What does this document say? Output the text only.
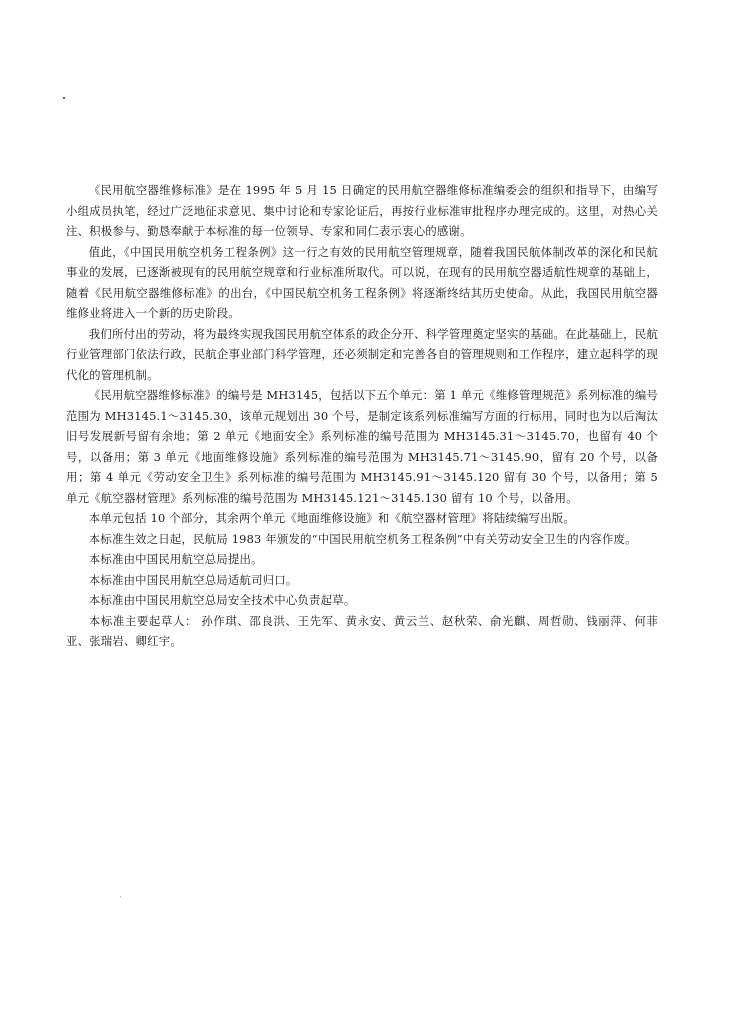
《民用航空器维修标准》是在 1995 年 5 月 15 日确定的民用航空器维修标准编委会的组织和指导下，由编写小组成员执笔，经过广泛地征求意见、集中讨论和专家论证后，再按行业标准审批程序办理完成的。这里，对热心关注、积极参与、勤恳奉献于本标准的每一位领导、专家和同仁表示衷心的感谢。

值此，《中国民用航空机务工程条例》这一行之有效的民用航空管理规章，随着我国民航体制改革的深化和民航事业的发展，已逐渐被现有的民用航空规章和行业标准所取代。可以说，在现有的民用航空器适航性规章的基础上，随着《民用航空器维修标准》的出台，《中国民航空机务工程条例》将逐渐终结其历史使命。从此，我国民用航空器维修业将进入一个新的历史阶段。

我们所付出的劳动，将为最终实现我国民用航空体系的政企分开、科学管理奠定坚实的基础。在此基础上，民航行业管理部门依法行政，民航企事业部门科学管理，还必须制定和完善各自的管理规则和工作程序，建立起科学的现代化的管理机制。

《民用航空器维修标准》的编号是 MH3145，包括以下五个单元：第 1 单元《维修管理规范》系列标准的编号范围为 MH3145.1～3145.30，该单元规划出 30 个号，是制定该系列标准编写方面的行标用，同时也为以后淘汰旧号发展新号留有余地；第 2 单元《地面安全》系列标准的编号范围为 MH3145.31～3145.70，也留有 40 个号，以备用；第 3 单元《地面维修设施》系列标准的编号范围为 MH3145.71～3145.90，留有 20 个号，以备用；第 4 单元《劳动安全卫生》系列标准的编号范围为 MH3145.91～3145.120 留有 30 个号，以备用；第 5 单元《航空器材管理》系列标准的编号范围为 MH3145.121～3145.130 留有 10 个号，以备用。

本单元包括 10 个部分，其余两个单元《地面维修设施》和《航空器材管理》将陆续编写出版。

本标准生效之日起，民航局 1983 年颁发的“中国民用航空机务工程条例”中有关劳动安全卫生的内容作废。

本标准由中国民用航空总局提出。

本标准由中国民用航空总局适航司归口。

本标准由中国民用航空总局安全技术中心负责起草。

本标准主要起草人： 孙作琪、邵良洪、王先军、黄永安、黄云兰、赵秋荣、俞光麒、周哲勋、钱丽萍、何菲亚、张瑞岩、卿红宇。
